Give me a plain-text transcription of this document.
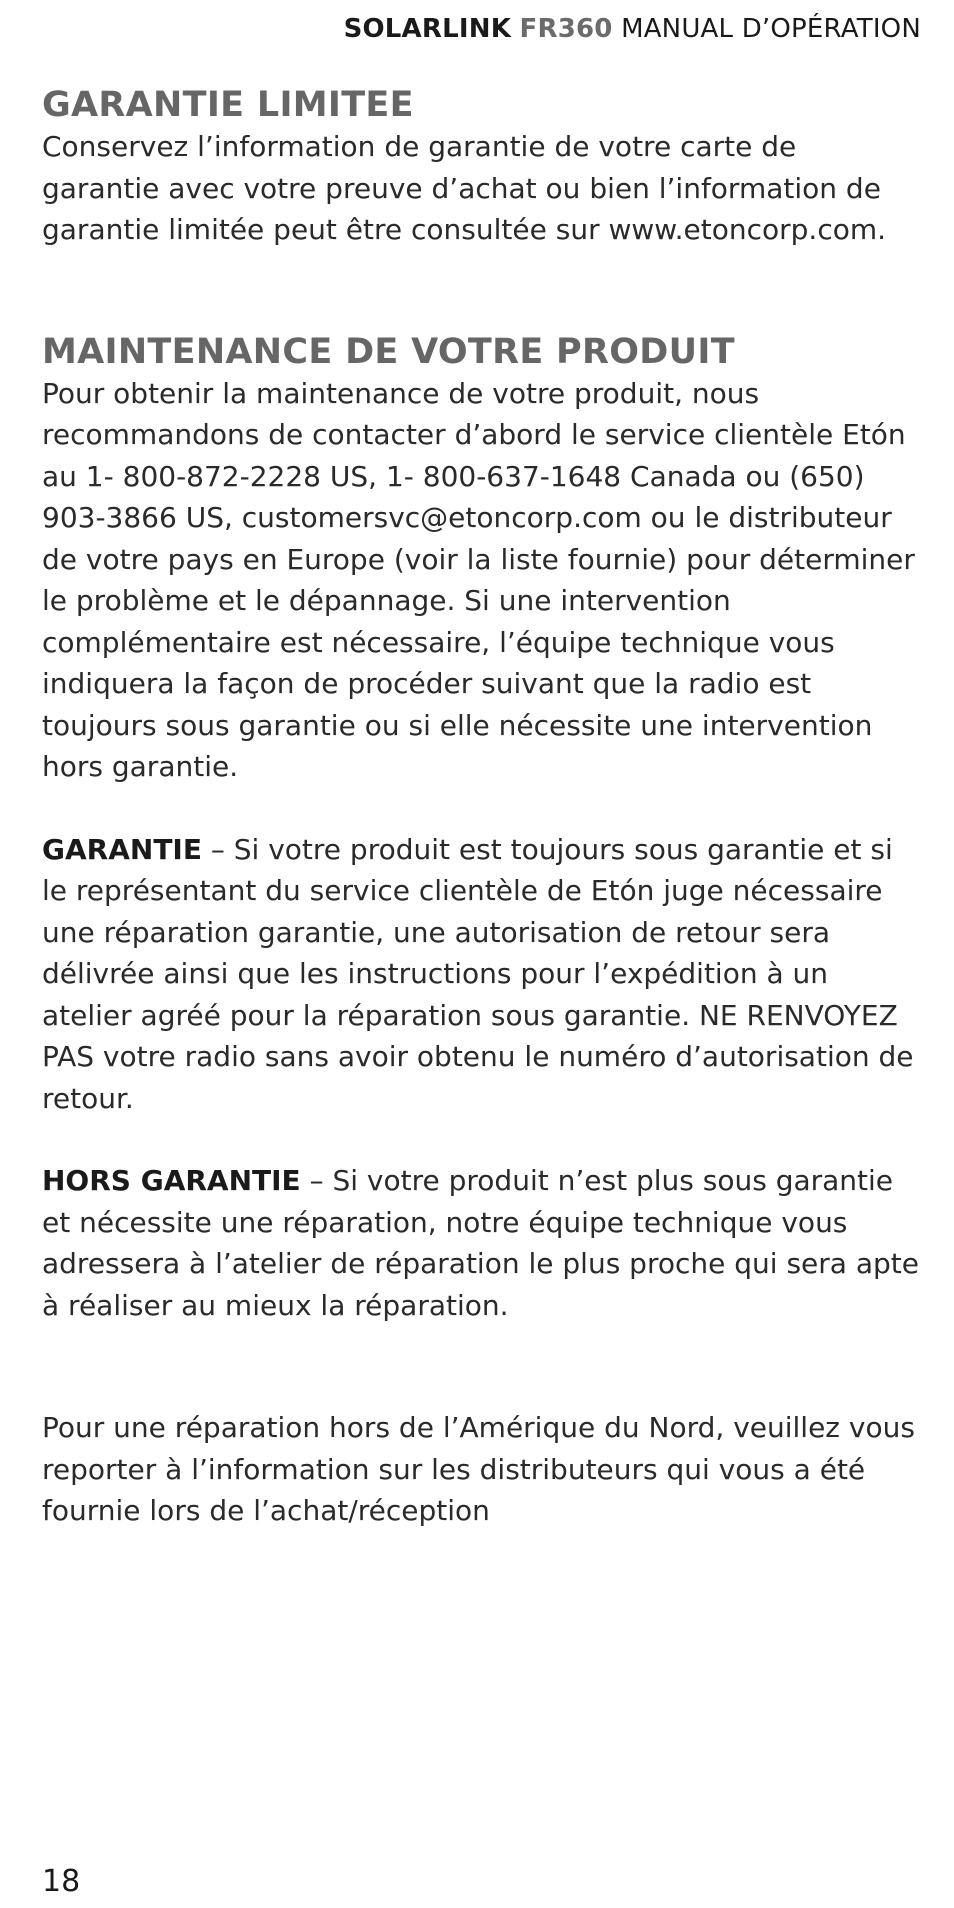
SOLARLINK FR360 MANUAL D’OPÉRATION
GARANTIE LIMITEE

Conservez l’information de garantie de votre carte de garantie avec votre preuve d’achat ou bien l’information de garantie limitée peut être consultée sur www.etoncorp.com.

MAINTENANCE DE VOTRE PRODUIT

Pour obtenir la maintenance de votre produit, nous recommandons de contacter d’abord le service clientèle Etón au 1- 800-872-2228 US, 1- 800-637-1648 Canada ou (650) 903-3866 US, customersvc@etoncorp.com ou le distributeur de votre pays en Europe (voir la liste fournie) pour déterminer le problème et le dépannage. Si une intervention complémentaire est nécessaire, l’équipe technique vous indiquera la façon de procéder suivant que la radio est toujours sous garantie ou si elle nécessite une intervention hors garantie.

GARANTIE – Si votre produit est toujours sous garantie et si le représentant du service clientèle de Etón juge nécessaire une réparation garantie, une autorisation de retour sera délivrée ainsi que les instructions pour l’expédition à un atelier agréé pour la réparation sous garantie. NE RENVOYEZ PAS votre radio sans avoir obtenu le numéro d’autorisation de retour.

HORS GARANTIE – Si votre produit n’est plus sous garantie et nécessite une réparation, notre équipe technique vous adressera à l’atelier de réparation le plus proche qui sera apte à réaliser au mieux la réparation.

Pour une réparation hors de l’Amérique du Nord, veuillez vous reporter à l’information sur les distributeurs qui vous a été fournie lors de l’achat/réception

18
